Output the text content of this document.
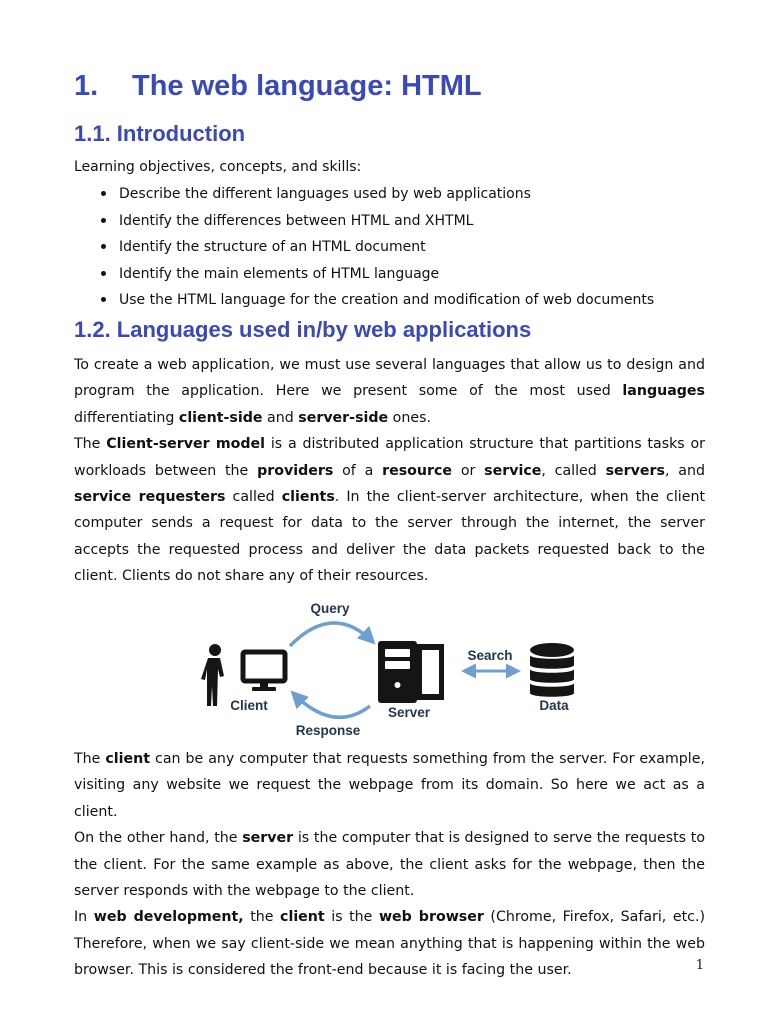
1. The web language: HTML
1.1. Introduction

Learning objectives, concepts, and skills:

Describe the different languages used by web applications
Identify the differences between HTML and XHTML
Identify the structure of an HTML document
Identify the main elements of HTML language
Use the HTML language for the creation and modification of web documents
1.2. Languages used in/by web applications

To create a web application, we must use several languages that allow us to design and program the application. Here we present some of the most used languages differentiating client-side and server-side ones.

The Client-server model is a distributed application structure that partitions tasks or workloads between the providers of a resource or service, called servers, and service requesters called clients. In the client-server architecture, when the client computer sends a request for data to the server through the internet, the server accepts the requested process and deliver the data packets requested back to the client. Clients do not share any of their resources.

Query
Client	Server
Search
Data
Response

The client can be any computer that requests something from the server. For example, visiting any website we request the webpage from its domain. So here we act as a client.

On the other hand, the server is the computer that is designed to serve the requests to the client. For the same example as above, the client asks for the webpage, then the server responds with the webpage to the client.

In web development, the client is the web browser (Chrome, Firefox, Safari, etc.) Therefore, when we say client-side we mean anything that is happening within the web browser. This is considered the front-end because it is facing the user.	1
